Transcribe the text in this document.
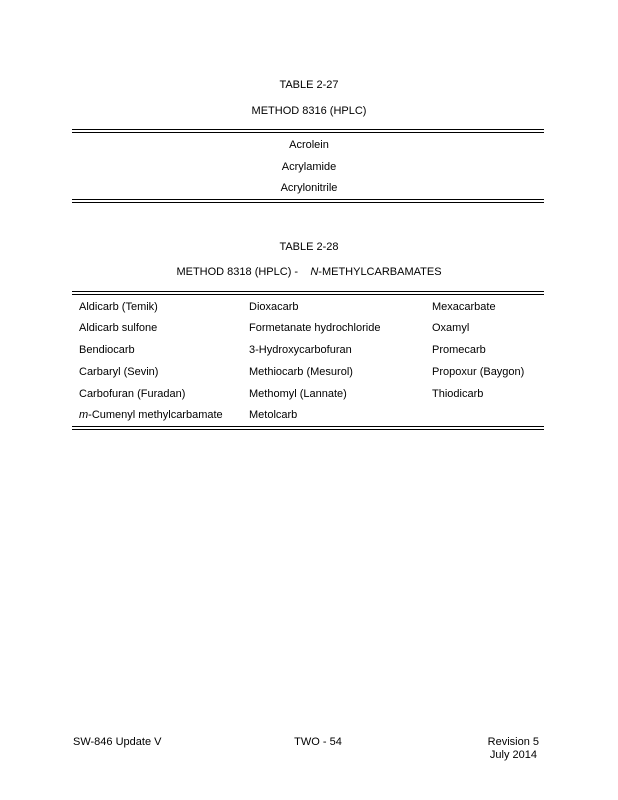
TABLE 2-27
METHOD 8316 (HPLC)
Acrolein
Acrylamide
Acrylonitrile
TABLE 2-28
METHOD 8318 (HPLC) - N-METHYLCARBAMATES
Aldicarb (Temik)
Aldicarb sulfone
Bendiocarb
Carbaryl (Sevin)
Carbofuran (Furadan)
m-Cumenyl methylcarbamate
Dioxacarb
Formetanate hydrochloride
3-Hydroxycarbofuran
Methiocarb (Mesurol)
Methomyl (Lannate)
Metolcarb
Mexacarbate
Oxamyl
Promecarb
Propoxur (Baygon)
Thiodicarb
SW-846 Update V	TWO - 54	Revision 5
July 2014
